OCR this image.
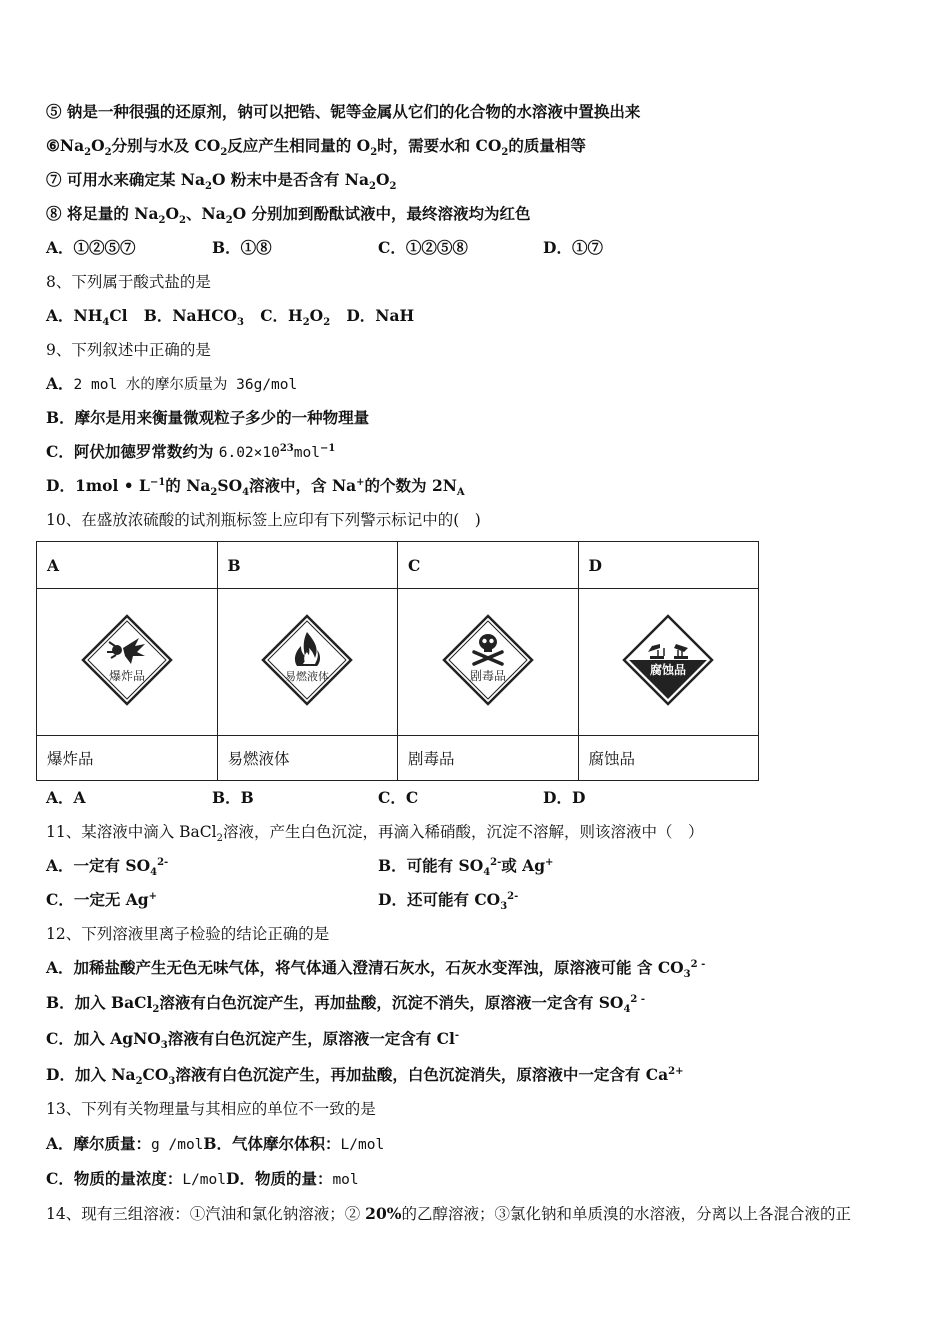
⑤ 钠是一种很强的还原剂，钠可以把锆、铌等金属从它们的化合物的水溶液中置换出来
$⑥Na_2O_2$分别与水及 $CO_2$反应产生相同量的 $O_2$时，需要水和 $CO_2$的质量相等
⑦ 可用水来确定某 $Na_2O$ 粉末中是否含有 $Na_2O_2$
⑧ 将足量的 $Na_2O_2$、$Na_2O$ 分别加到酚酞试液中，最终溶液均为红色
A．①②⑤⑦	B．①⑧	C．①②⑤⑧	D．①⑦
8、下列属于酸式盐的是
A．$NH_4Cl$ B．NaHCO$_3$ C．$H_2O_2$ D．NaH
9、下列叙述中正确的是
A．2 mol 水的摩尔质量为 36g/mol
B．摩尔是用来衡量微观粒子多少的一种物理量
C．阿伏加德罗常数约为 $6.02\times 10^{23}mol^{-1}$
D．1mol • $L^{-1}$的 $Na_2SO_4$溶液中，含 Na+的个数为 $2N_A$
10、在盛放浓硫酸的试剂瓶标签上应印有下列警示标记中的(　)
A	B	C	D

爆炸品	易燃液体	剧毒品	腐蚀品

爆炸品	易燃液体	剧毒品	腐蚀品
A．A	B．B	C．C	D．D
11、某溶液中滴入 BaCl$_2$溶液，产生白色沉淀，再滴入稀硝酸，沉淀不溶解，则该溶液中（　）
A．一定有 $SO_4^{2-}$	B．可能有 $SO_4^{2-}$或 Ag+
C．一定无 Ag+	D．还可能有 $CO_3^{2-}$
12、下列溶液里离子检验的结论正确的是
A．加稀盐酸产生无色无味气体，将气体通入澄清石灰水，石灰水变浑浊，原溶液可能 含 $CO_3^{2 -}$
B．加入 BaCl$_2$溶液有白色沉淀产生，再加盐酸，沉淀不消失，原溶液一定含有 $SO_4^{2 -}$
C．加入 AgNO$_3$溶液有白色沉淀产生，原溶液一定含有 Cl-
D．加入 $Na_2CO_3$溶液有白色沉淀产生，再加盐酸，白色沉淀消失，原溶液中一定含有 $Ca^{2+}$
13、下列有关物理量与其相应的单位不一致的是
A．摩尔质量：g /molB．气体摩尔体积：L/mol
C．物质的量浓度：L/molD．物质的量：mol
14、现有三组溶液：①汽油和氯化钠溶液；② 20%的乙醇溶液；③氯化钠和单质溴的水溶液，分离以上各混合液的正
